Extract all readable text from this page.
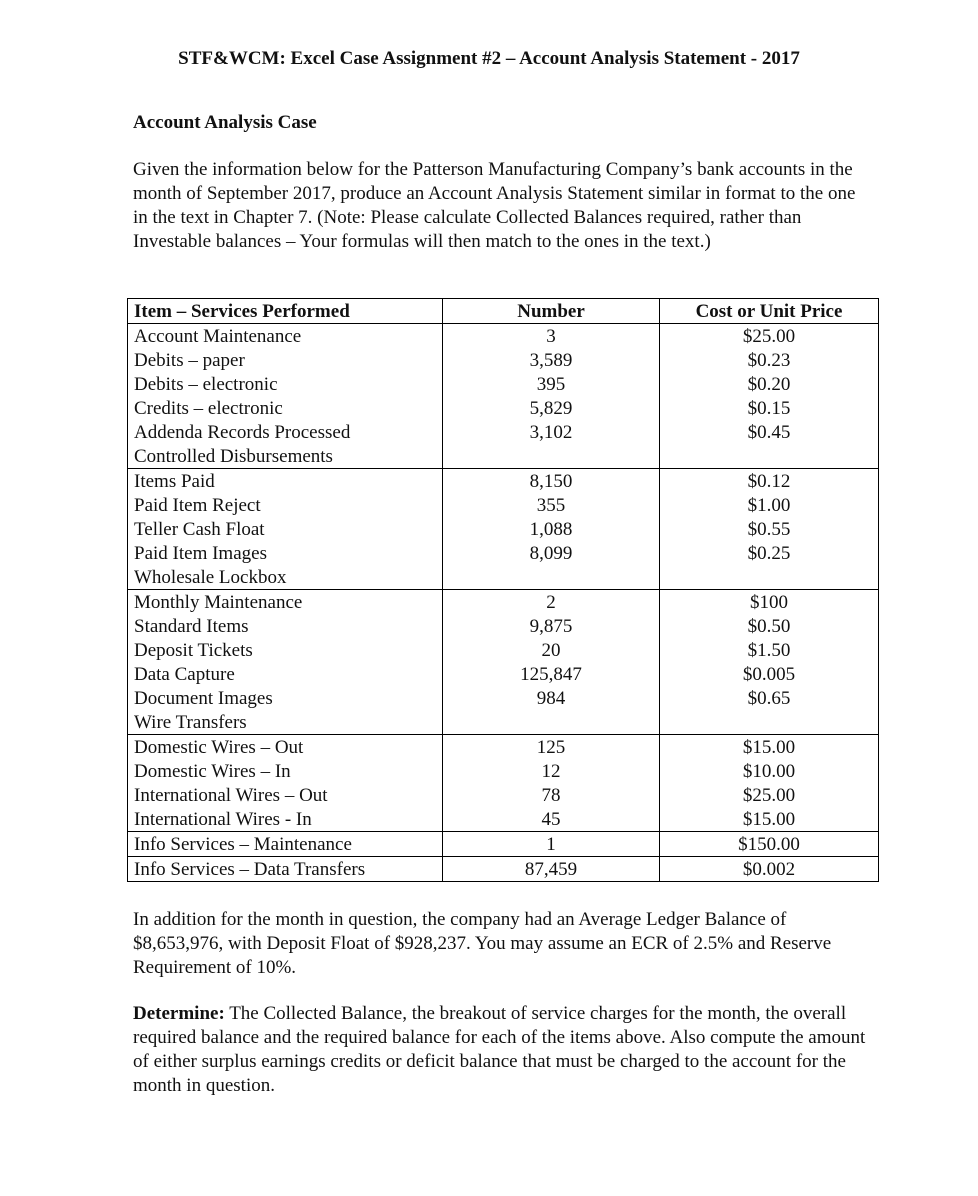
STF&WCM: Excel Case Assignment #2 – Account Analysis Statement - 2017
Account Analysis Case
Given the information below for the Patterson Manufacturing Company’s bank accounts in the month of September 2017, produce an Account Analysis Statement similar in format to the one in the text in Chapter 7. (Note: Please calculate Collected Balances required, rather than Investable balances – Your formulas will then match to the ones in the text.)
Item – Services Performed	Number	Cost or Unit Price
Account Maintenance	3	$25.00
Debits – paper	3,589	$0.23
Debits – electronic	395	$0.20
Credits – electronic	5,829	$0.15
Addenda Records Processed	3,102	$0.45
Controlled Disbursements		
Items Paid	8,150	$0.12
Paid Item Reject	355	$1.00
Teller Cash Float	1,088	$0.55
Paid Item Images	8,099	$0.25
Wholesale Lockbox		
Monthly Maintenance	2	$100
Standard Items	9,875	$0.50
Deposit Tickets	20	$1.50
Data Capture	125,847	$0.005
Document Images	984	$0.65
Wire Transfers		
Domestic Wires – Out	125	$15.00
Domestic Wires – In	12	$10.00
International Wires – Out	78	$25.00
International Wires - In	45	$15.00
Info Services – Maintenance	1	$150.00
Info Services – Data Transfers	87,459	$0.002
In addition for the month in question, the company had an Average Ledger Balance of $8,653,976, with Deposit Float of $928,237. You may assume an ECR of 2.5% and Reserve Requirement of 10%.
Determine: The Collected Balance, the breakout of service charges for the month, the overall required balance and the required balance for each of the items above. Also compute the amount of either surplus earnings credits or deficit balance that must be charged to the account for the month in question.
